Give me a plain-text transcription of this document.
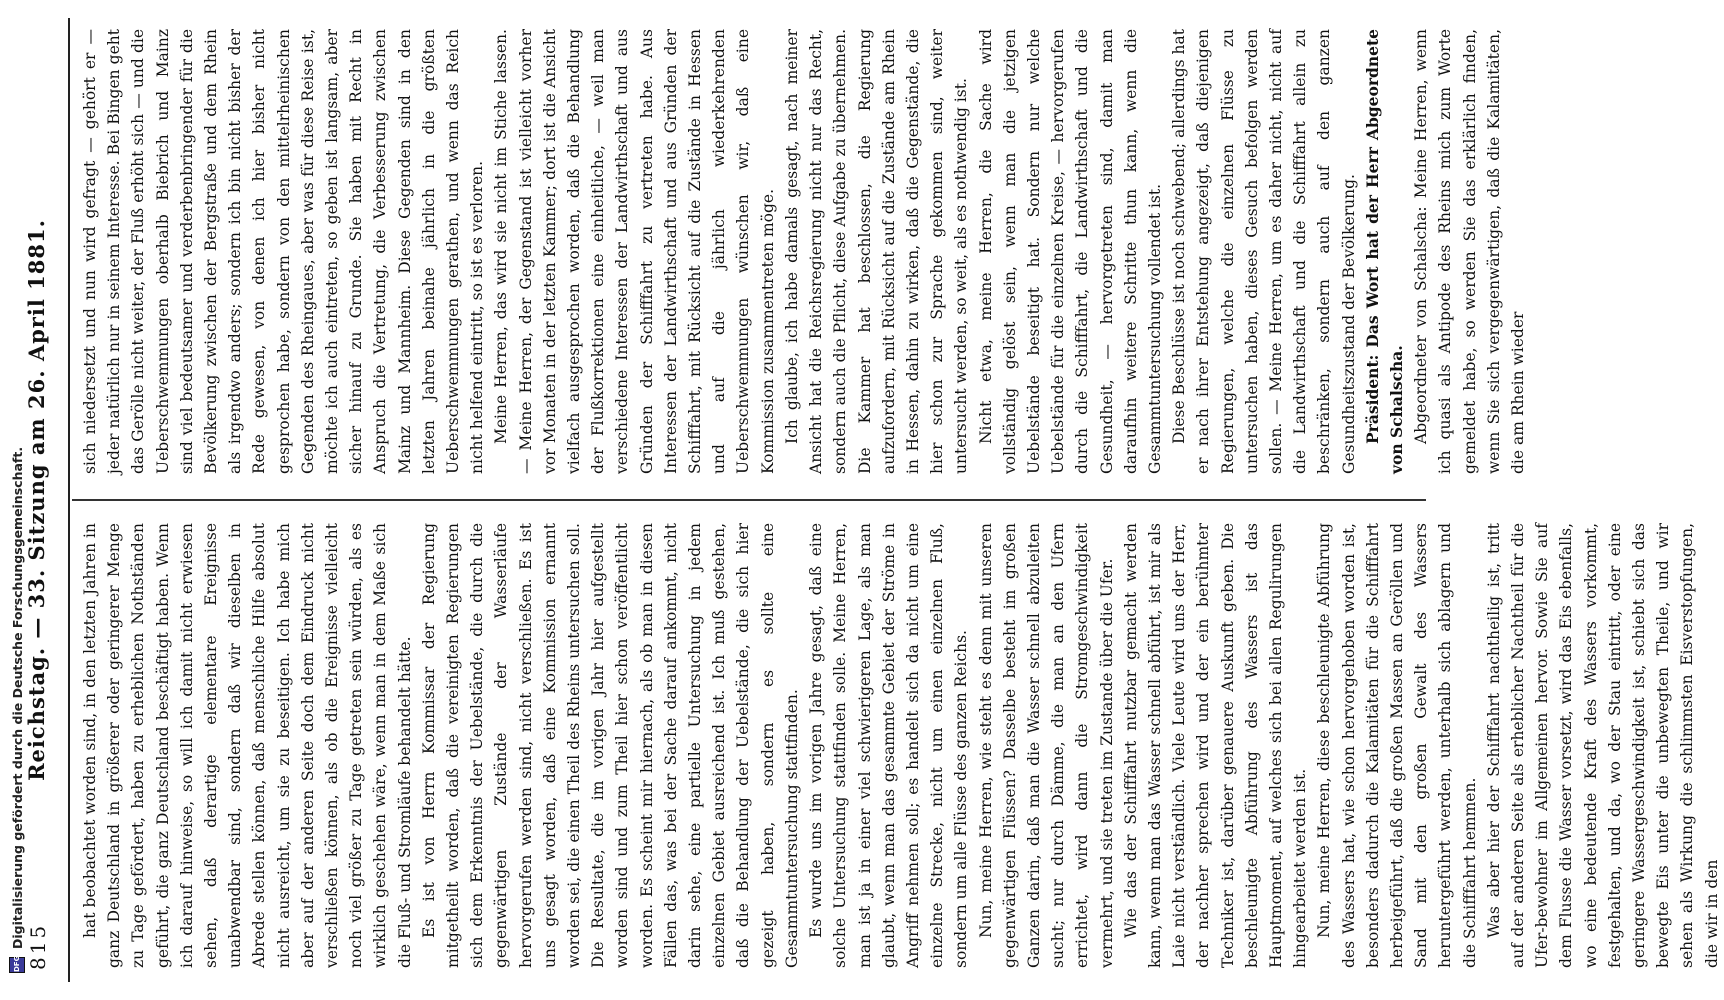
815
Reichstag. — 33. Sitzung am 26. April 1881. hat beobachtet worden sind, in den letzten Jahren in ganz Deutschland in größerer oder geringerer Menge zu Tage gefördert, haben zu erheblichen Nothständen geführt, die ganz Deutschland beschäftigt haben. Wenn ich darauf hinweise, so will ich damit nicht erwiesen sehen, daß derartige elementare Ereignisse unabwendbar sind, sondern daß wir dieselben in Abrede stellen können, daß menschliche Hilfe absolut nicht ausreicht, um sie zu beseitigen. Ich habe mich aber auf der anderen Seite doch dem Eindruck nicht verschließen können, als ob die Ereignisse vielleicht noch viel größer zu Tage getreten sein würden, als es wirklich geschehen wäre, wenn man in dem Maße sich die Fluß- und Stromläufe behandelt hätte. Es ist von Herrn Kommissar der Regierung mitgetheilt worden, daß die vereinigten Regierungen sich dem Erkenntnis der Uebelstände, die durch die gegenwärtigen Zustände der Wasserläufe hervorgerufen werden sind, nicht verschließen. Es ist uns gesagt worden, daß eine Kommission ernannt worden sei, die einen Theil des Rheins untersuchen soll. Die Resultate, die im vorigen Jahr hier aufgestellt worden sind und zum Theil hier schon veröffentlicht worden. Es scheint mir hiernach, als ob man in diesen Fällen das, was bei der Sache darauf ankommt, nicht darin sehe, eine partielle Untersuchung in jedem einzelnen Gebiet ausreichend ist. Ich muß gestehen, daß die Behandlung der Uebelstände, die sich hier gezeigt haben, sondern es sollte eine Gesammtuntersuchung stattfinden. Es wurde uns im vorigen Jahre gesagt, daß eine solche Untersuchung stattfinden solle. Meine Herren, man ist ja in einer viel schwierigeren Lage, als man glaubt, wenn man das gesammte Gebiet der Ströme in Angriff nehmen soll; es handelt sich da nicht um eine einzelne Strecke, nicht um einen einzelnen Fluß, sondern um alle Flüsse des ganzen Reichs. Nun, meine Herren, wie steht es denn mit unseren gegenwärtigen Flüssen? Dasselbe besteht im großen Ganzen darin, daß man die Wasser schnell abzuleiten sucht; nur durch Dämme, die man an den Ufern errichtet, wird dann die Stromgeschwindigkeit vermehrt, und sie treten im Zustande über die Ufer. Wie das der Schifffahrt nutzbar gemacht werden kann, wenn man das Wasser schnell abführt, ist mir als Laie nicht verständlich. Viele Leute wird uns der Herr, der nachher sprechen wird und der ein berühmter Techniker ist, darüber genauere Auskunft geben. Die beschleunigte Abführung des Wassers ist das Hauptmoment, auf welches sich bei allen Regulirungen hingearbeitet werden ist. Nun, meine Herren, diese beschleunigte Abführung des Wassers hat, wie schon hervorgehoben worden ist, besonders dadurch die Kalamitäten für die Schifffahrt herbeigeführt, daß die großen Massen an Geröllen und Sand mit den großen Gewalt des Wassers heruntergeführt werden, unterhalb sich ablagern und die Schifffahrt hemmen. Was aber hier der Schifffahrt nachtheilig ist, tritt auf der anderen Seite als erheblicher Nachtheil für die Ufer-bewohner im Allgemeinen hervor. Sowie Sie auf dem Flusse die Wasser vorsetzt, wird das Eis ebenfalls, wo eine bedeutende Kraft des Wassers vorkommt, festgehalten, und da, wo der Stau eintritt, oder eine geringere Wassergeschwindigkeit ist, schiebt sich das bewegte Eis unter die unbewegten Theile, und wir sehen als Wirkung die schlimmsten Eisverstopfungen, die wir in den

sich niedersetzt und nun wird gefragt — gehört er — jeder natürlich nur in seinem Interesse. Bei Bingen geht das Gerölle nicht weiter, der Fluß erhöht sich — und die Ueberschwemmungen oberhalb Biebrich und Mainz sind viel bedeutsamer und verderbenbringender für die Bevölkerung zwischen der Bergstraße und dem Rhein als irgendwo anders; sondern ich bin nicht bisher der Rede gewesen, von denen ich hier bisher nicht gesprochen habe, sondern von den mittelrheinischen Gegenden des Rheingaues, aber was für diese Reise ist, möchte ich auch eintreten, so geben ist langsam, aber sicher hinauf zu Grunde. Sie haben mit Recht in Anspruch die Vertretung, die Verbesserung zwischen Mainz und Mannheim. Diese Gegenden sind in den letzten Jahren beinahe jährlich in die größten Ueberschwemmungen gerathen, und wenn das Reich nicht helfend eintritt, so ist es verloren. Meine Herren, das wird sie nicht im Stiche lassen. — Meine Herren, der Gegenstand ist vielleicht vorher vor Monaten in der letzten Kammer; dort ist die Ansicht vielfach ausgesprochen worden, daß die Behandlung der Flußkorrektionen eine einheitliche, — weil man verschiedene Interessen der Landwirthschaft und aus Gründen der Schifffahrt zu vertreten habe. Aus Interessen der Landwirthschaft und aus Gründen der Schifffahrt, mit Rücksicht auf die Zustände in Hessen und auf die jährlich wiederkehrenden Ueberschwemmungen wünschen wir, daß eine Kommission zusammentreten möge. Ich glaube, ich habe damals gesagt, nach meiner Ansicht hat die Reichsregierung nicht nur das Recht, sondern auch die Pflicht, diese Aufgabe zu übernehmen. Die Kammer hat beschlossen, die Regierung aufzufordern, mit Rücksicht auf die Zustände am Rhein in Hessen, dahin zu wirken, daß die Gegenstände, die hier schon zur Sprache gekommen sind, weiter untersucht werden, so weit, als es nothwendig ist. Nicht etwa, meine Herren, die Sache wird vollständig gelöst sein, wenn man die jetzigen Uebelstände beseitigt hat. Sondern nur welche Uebelstände für die einzelnen Kreise, — hervorgerufen durch die Schifffahrt, die Landwirthschaft und die Gesundheit, — hervorgetreten sind, damit man daraufhin weitere Schritte thun kann, wenn die Gesammtuntersuchung vollendet ist. Diese Beschlüsse ist noch schwebend; allerdings hat er nach ihrer Entstehung angezeigt, daß diejenigen Regierungen, welche die einzelnen Flüsse zu untersuchen haben, dieses Gesuch befolgen werden sollen. — Meine Herren, um es daher nicht, nicht auf die Landwirthschaft und die Schifffahrt allein zu beschränken, sondern auch auf den ganzen Gesundheitszustand der Bevölkerung. Präsident: Das Wort hat der Herr Abgeordnete von Schalscha. Abgeordneter von Schalscha: Meine Herren, wenn ich quasi als Antipode des Rheins mich zum Worte gemeldet habe, so werden Sie das erklärlich finden, wenn Sie sich vergegenwärtigen, daß die Kalamitäten, die am Rhein wieder

DFG
Digitalisierung gefördert durch die Deutsche Forschungsgemeinschaft.
